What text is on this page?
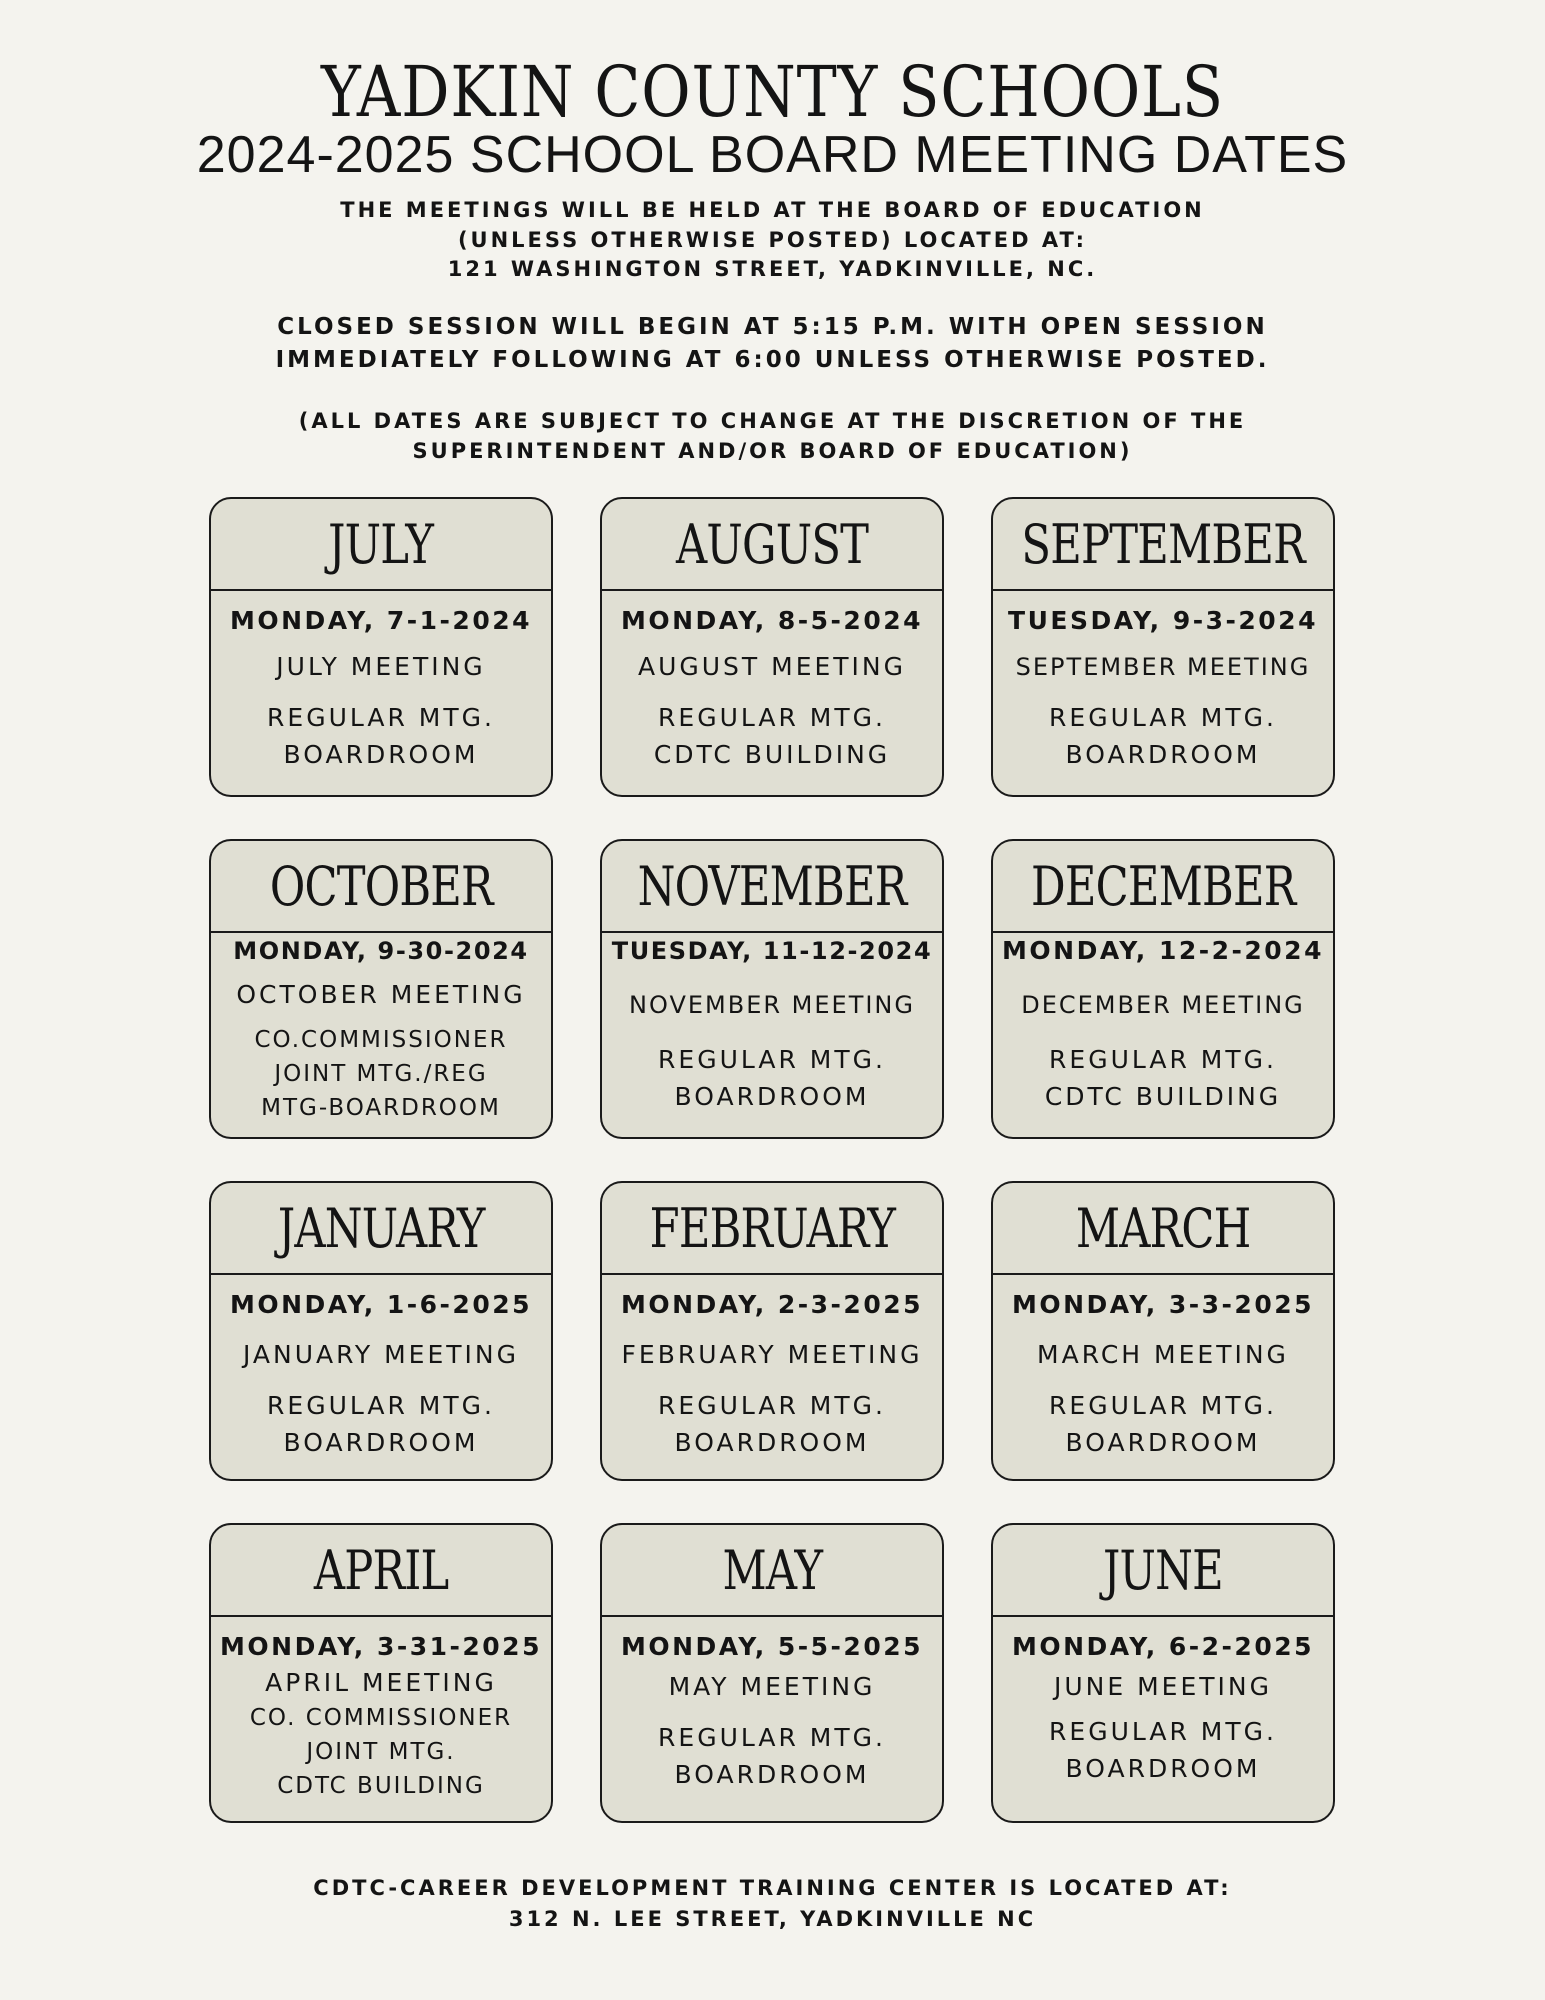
YADKIN COUNTY SCHOOLS
2024-2025 SCHOOL BOARD MEETING DATES
THE MEETINGS WILL BE HELD AT THE BOARD OF EDUCATION
(UNLESS OTHERWISE POSTED) LOCATED AT:
121 WASHINGTON STREET, YADKINVILLE, NC.
CLOSED SESSION WILL BEGIN AT 5:15 P.M. WITH OPEN SESSION
IMMEDIATELY FOLLOWING AT 6:00 UNLESS OTHERWISE POSTED.
(ALL DATES ARE SUBJECT TO CHANGE AT THE DISCRETION OF THE
SUPERINTENDENT AND/OR BOARD OF EDUCATION)
JULY
MONDAY, 7-1-2024
JULY MEETING
REGULAR MTG.
BOARDROOM
AUGUST
MONDAY, 8-5-2024
AUGUST MEETING
REGULAR MTG.
CDTC BUILDING
SEPTEMBER
TUESDAY, 9-3-2024
SEPTEMBER MEETING
REGULAR MTG.
BOARDROOM
OCTOBER
MONDAY, 9-30-2024
OCTOBER MEETING
CO.COMMISSIONER
JOINT MTG./REG
MTG-BOARDROOM
NOVEMBER
TUESDAY, 11-12-2024
NOVEMBER MEETING
REGULAR MTG.
BOARDROOM
DECEMBER
MONDAY, 12-2-2024
DECEMBER MEETING
REGULAR MTG.
CDTC BUILDING
JANUARY
MONDAY, 1-6-2025
JANUARY MEETING
REGULAR MTG.
BOARDROOM
FEBRUARY
MONDAY, 2-3-2025
FEBRUARY MEETING
REGULAR MTG.
BOARDROOM
MARCH
MONDAY, 3-3-2025
MARCH MEETING
REGULAR MTG.
BOARDROOM
APRIL
MONDAY, 3-31-2025
APRIL MEETING
CO. COMMISSIONER
JOINT MTG.
CDTC BUILDING
MAY
MONDAY, 5-5-2025
MAY MEETING
REGULAR MTG.
BOARDROOM
JUNE
MONDAY, 6-2-2025
JUNE MEETING
REGULAR MTG.
BOARDROOM
CDTC-CAREER DEVELOPMENT TRAINING CENTER IS LOCATED AT:
312 N. LEE STREET, YADKINVILLE NC
